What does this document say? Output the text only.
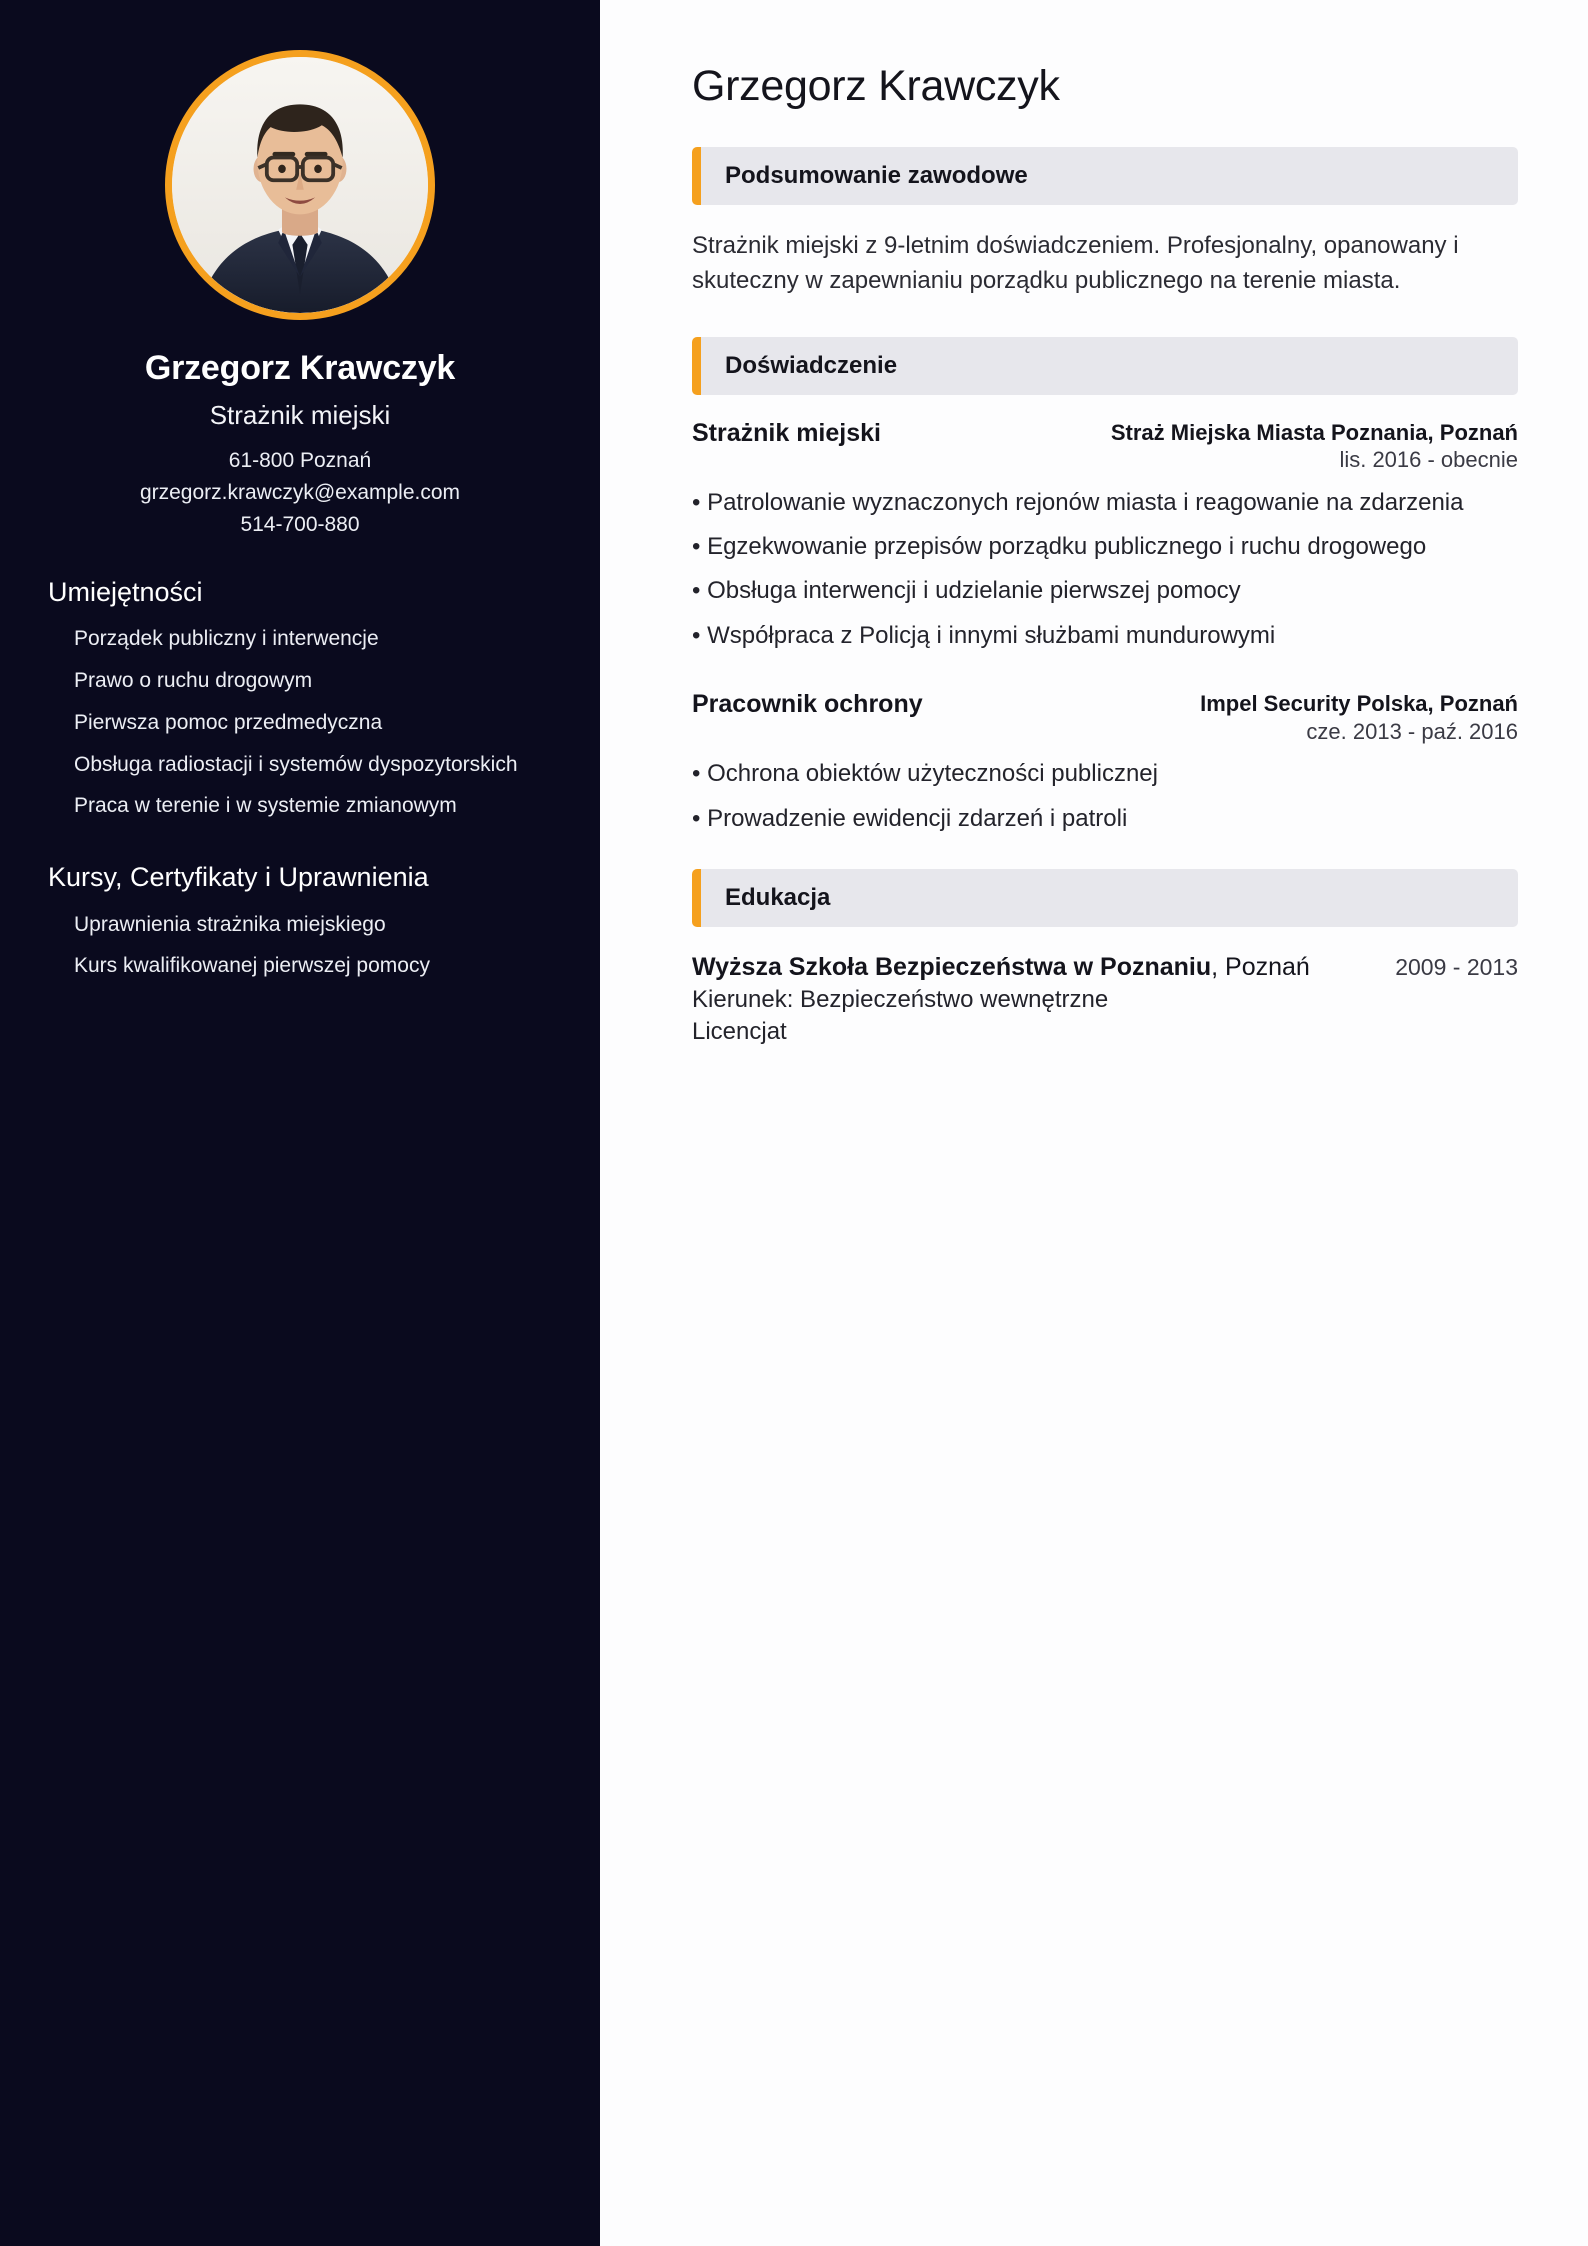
Grzegorz Krawczyk
Strażnik miejski
61-800 Poznań
grzegorz.krawczyk@example.com
514-700-880
Umiejętności
Porządek publiczny i interwencje
Prawo o ruchu drogowym
Pierwsza pomoc przedmedyczna
Obsługa radiostacji i systemów dyspozytorskich
Praca w terenie i w systemie zmianowym
Kursy, Certyfikaty i Uprawnienia
Uprawnienia strażnika miejskiego
Kurs kwalifikowanej pierwszej pomocy
Grzegorz Krawczyk
Podsumowanie zawodowe

Strażnik miejski z 9-letnim doświadczeniem. Profesjonalny, opanowany i skuteczny w zapewnianiu porządku publicznego na terenie miasta.

Doświadczenie
Strażnik miejski	Straż Miejska Miasta Poznania, Poznań
lis. 2016 - obecnie
• Patrolowanie wyznaczonych rejonów miasta i reagowanie na zdarzenia
• Egzekwowanie przepisów porządku publicznego i ruchu drogowego
• Obsługa interwencji i udzielanie pierwszej pomocy
• Współpraca z Policją i innymi służbami mundurowymi
Pracownik ochrony	Impel Security Polska, Poznań
cze. 2013 - paź. 2016
• Ochrona obiektów użyteczności publicznej
• Prowadzenie ewidencji zdarzeń i patroli
Edukacja
Wyższa Szkoła Bezpieczeństwa w Poznaniu, Poznań
Kierunek: Bezpieczeństwo wewnętrzne
Licencjat
2009 - 2013
